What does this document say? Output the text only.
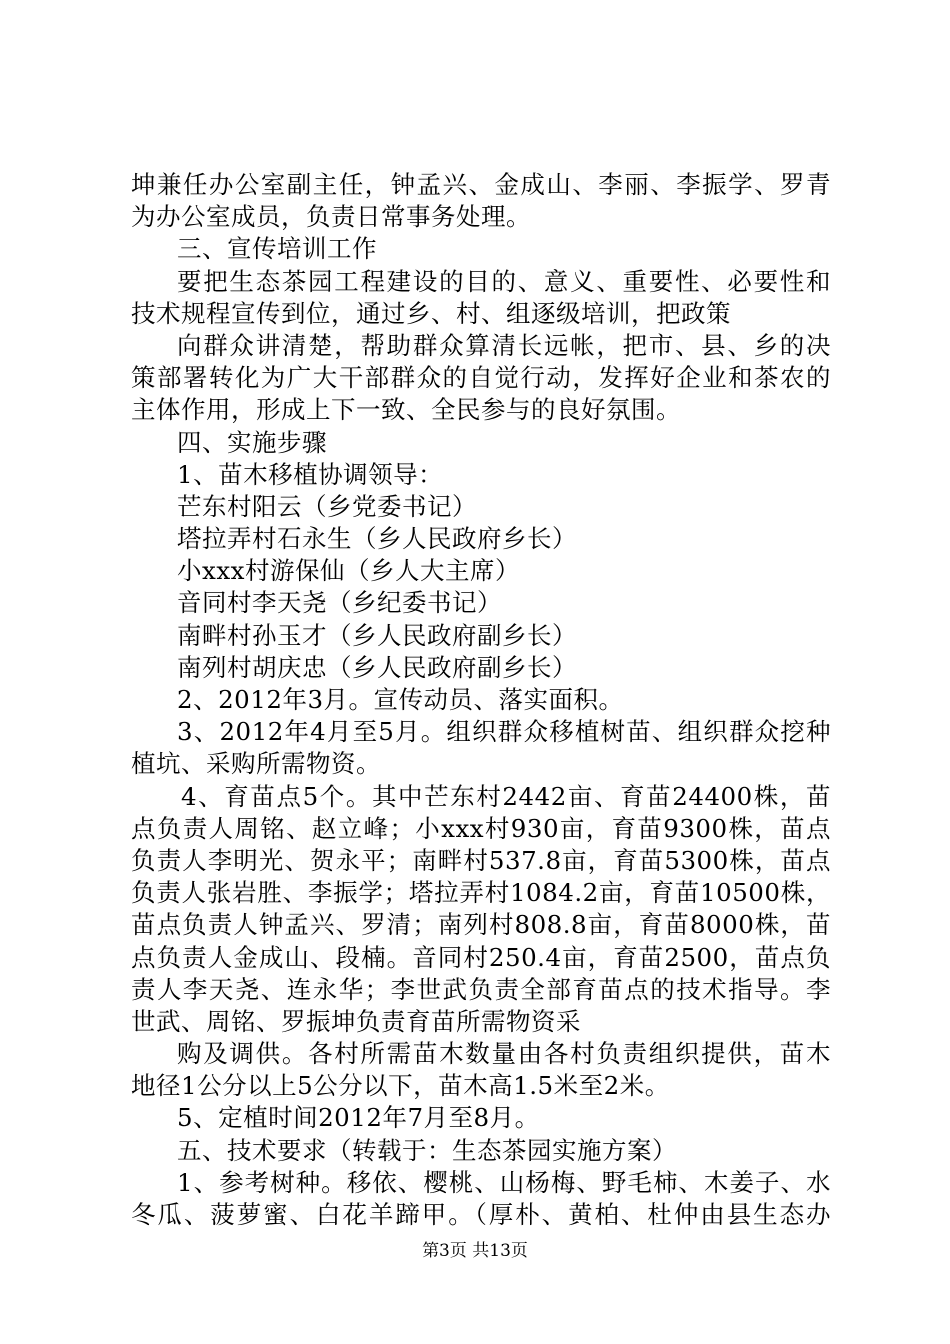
坤兼任办公室副主任，钟孟兴、金成山、李丽、李振学、罗青
为办公室成员，负责日常事务处理。
三、宣传培训工作
要把生态茶园工程建设的目的、意义、重要性、必要性和
技术规程宣传到位，通过乡、村、组逐级培训，把政策
向群众讲清楚，帮助群众算清长远帐，把市、县、乡的决
策部署转化为广大干部群众的自觉行动，发挥好企业和茶农的
主体作用，形成上下一致、全民参与的良好氛围。
四、实施步骤
1、苗木移植协调领导：
芒东村阳云（乡党委书记）
塔拉弄村石永生（乡人民政府乡长）
小xxx村游保仙（乡人大主席）
音同村李天尧（乡纪委书记）
南畔村孙玉才（乡人民政府副乡长）
南列村胡庆忠（乡人民政府副乡长）
2、2012年3月。宣传动员、落实面积。
3、2012年4月至5月。组织群众移植树苗、组织群众挖种
植坑、采购所需物资。
4、育苗点5个。其中芒东村2442亩、育苗24400株，苗
点负责人周铭、赵立峰；小xxx村930亩，育苗9300株，苗点
负责人李明光、贺永平；南畔村537.8亩，育苗5300株，苗点
负责人张岩胜、李振学；塔拉弄村1084.2亩，育苗10500株，
苗点负责人钟孟兴、罗清；南列村808.8亩，育苗8000株，苗
点负责人金成山、段楠。音同村250.4亩，育苗2500，苗点负
责人李天尧、连永华；李世武负责全部育苗点的技术指导。李
世武、周铭、罗振坤负责育苗所需物资采
购及调供。各村所需苗木数量由各村负责组织提供，苗木
地径1公分以上5公分以下，苗木高1.5米至2米。
5、定植时间2012年7月至8月。
五、技术要求（转载于：生态茶园实施方案）
1、参考树种。移依、樱桃、山杨梅、野毛柿、木姜子、水
冬瓜、菠萝蜜、白花羊蹄甲。（厚朴、黄柏、杜仲由县生态办
第3页 共13页
